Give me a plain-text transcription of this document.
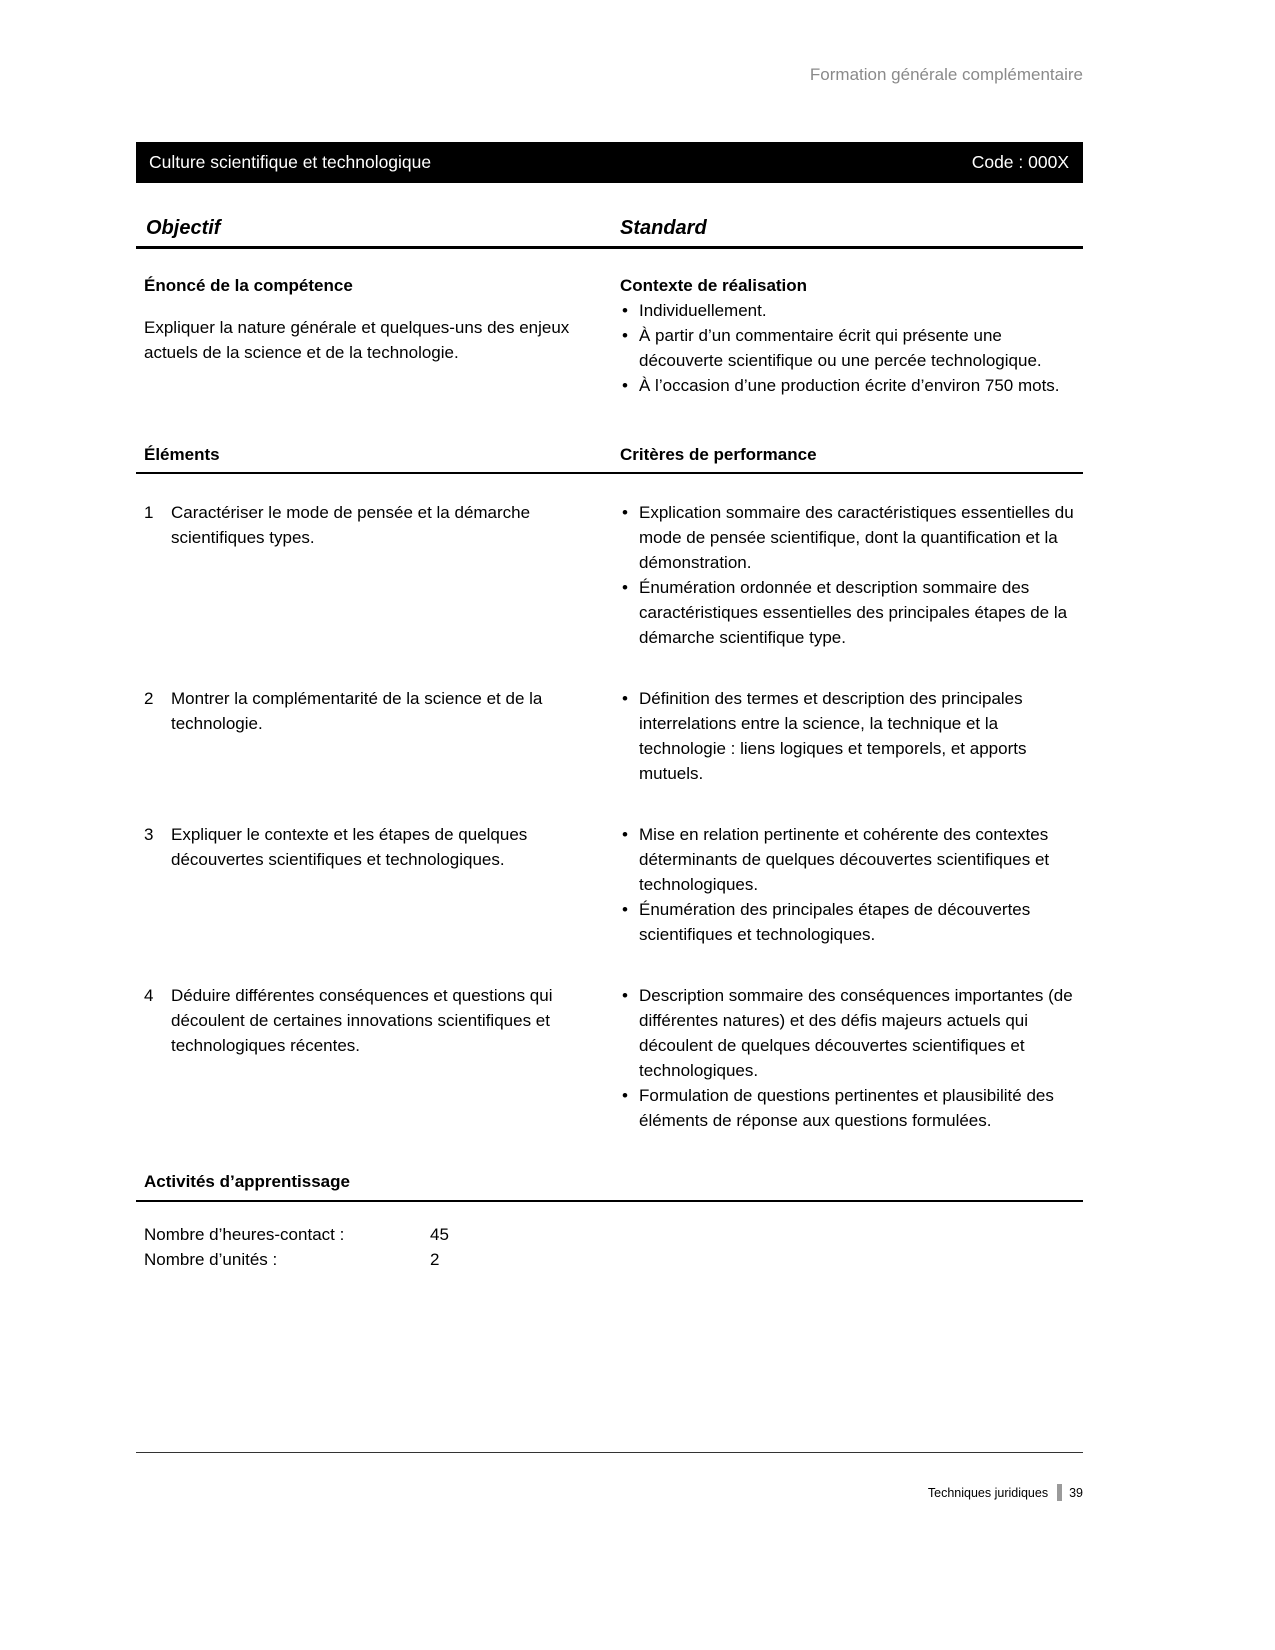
Formation générale complémentaire
Culture scientifique et technologique	Code : 000X
Objectif	Standard
Énoncé de la compétence
Expliquer la nature générale et quelques-uns des enjeux actuels de la science et de la technologie.
Contexte de réalisation
• Individuellement.
• À partir d’un commentaire écrit qui présente une découverte scientifique ou une percée technologique.
• À l’occasion d’une production écrite d’environ 750 mots.
Éléments	Critères de performance
1	Caractériser le mode de pensée et la démarche scientifiques types.
• Explication sommaire des caractéristiques essentielles du mode de pensée scientifique, dont la quantification et la démonstration.
• Énumération ordonnée et description sommaire des caractéristiques essentielles des principales étapes de la démarche scientifique type.
2	Montrer la complémentarité de la science et de la technologie.
• Définition des termes et description des principales interrelations entre la science, la technique et la technologie : liens logiques et temporels, et apports mutuels.
3	Expliquer le contexte et les étapes de quelques découvertes scientifiques et technologiques.
• Mise en relation pertinente et cohérente des contextes déterminants de quelques découvertes scientifiques et technologiques.
• Énumération des principales étapes de découvertes scientifiques et technologiques.
4	Déduire différentes conséquences et questions qui découlent de certaines innovations scientifiques et technologiques récentes.
• Description sommaire des conséquences importantes (de différentes natures) et des défis majeurs actuels qui découlent de quelques découvertes scientifiques et technologiques.
• Formulation de questions pertinentes et plausibilité des éléments de réponse aux questions formulées.
Activités d’apprentissage
Nombre d’heures-contact :	45
Nombre d’unités :	2
Techniques juridiques 39
